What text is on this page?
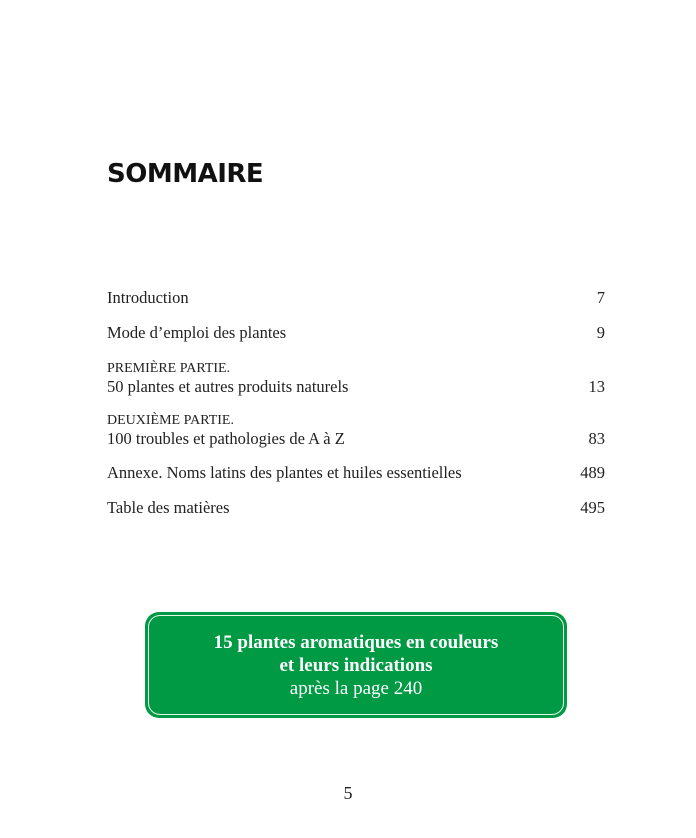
SOMMAIRE
Introduction	7
Mode d’emploi des plantes	9
PREMIÈRE PARTIE.
50 plantes et autres produits naturels	13
DEUXIÈME PARTIE.
100 troubles et pathologies de A à Z	83
Annexe. Noms latins des plantes et huiles essentielles	489
Table des matières	495
15 plantes aromatiques en couleurs
et leurs indications
après la page 240
5
